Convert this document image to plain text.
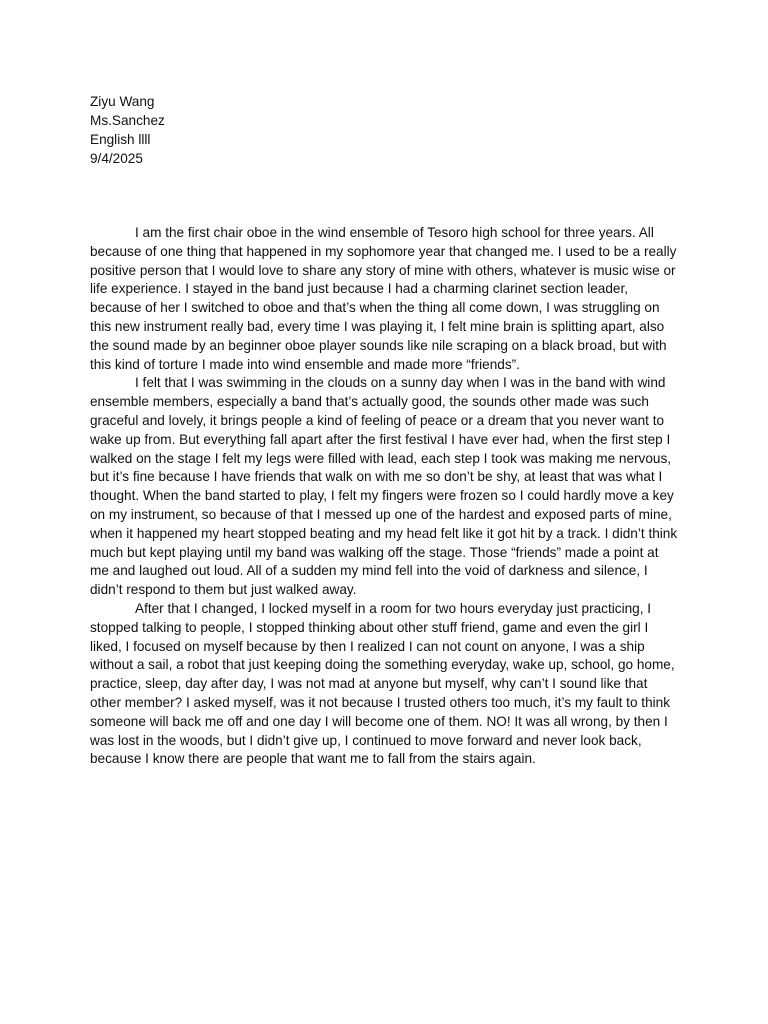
Ziyu Wang
Ms.Sanchez
English llll
9/4/2025

I am the first chair oboe in the wind ensemble of Tesoro high school for three years. All because of one thing that happened in my sophomore year that changed me. I used to be a really positive person that I would love to share any story of mine with others, whatever is music wise or life experience. I stayed in the band just because I had a charming clarinet section leader, because of her I switched to oboe and that’s when the thing all come down, I was struggling on this new instrument really bad, every time I was playing it, I felt mine brain is splitting apart, also the sound made by an beginner oboe player sounds like nile scraping on a black broad, but with this kind of torture I made into wind ensemble and made more “friends”.

I felt that I was swimming in the clouds on a sunny day when I was in the band with wind ensemble members, especially a band that’s actually good, the sounds other made was such graceful and lovely, it brings people a kind of feeling of peace or a dream that you never want to wake up from. But everything fall apart after the first festival I have ever had, when the first step I walked on the stage I felt my legs were filled with lead, each step I took was making me nervous, but it’s fine because I have friends that walk on with me so don’t be shy, at least that was what I thought. When the band started to play, I felt my fingers were frozen so I could hardly move a key on my instrument, so because of that I messed up one of the hardest and exposed parts of mine, when it happened my heart stopped beating and my head felt like it got hit by a track. I didn’t think much but kept playing until my band was walking off the stage. Those “friends” made a point at me and laughed out loud. All of a sudden my mind fell into the void of darkness and silence, I didn’t respond to them but just walked away.

After that I changed, I locked myself in a room for two hours everyday just practicing, I stopped talking to people, I stopped thinking about other stuff friend, game and even the girl I liked, I focused on myself because by then I realized I can not count on anyone, I was a ship without a sail, a robot that just keeping doing the something everyday, wake up, school, go home, practice, sleep, day after day, I was not mad at anyone but myself, why can’t I sound like that other member? I asked myself, was it not because I trusted others too much, it’s my fault to think someone will back me off and one day I will become one of them. NO! It was all wrong, by then I was lost in the woods, but I didn’t give up, I continued to move forward and never look back, because I know there are people that want me to fall from the stairs again.
